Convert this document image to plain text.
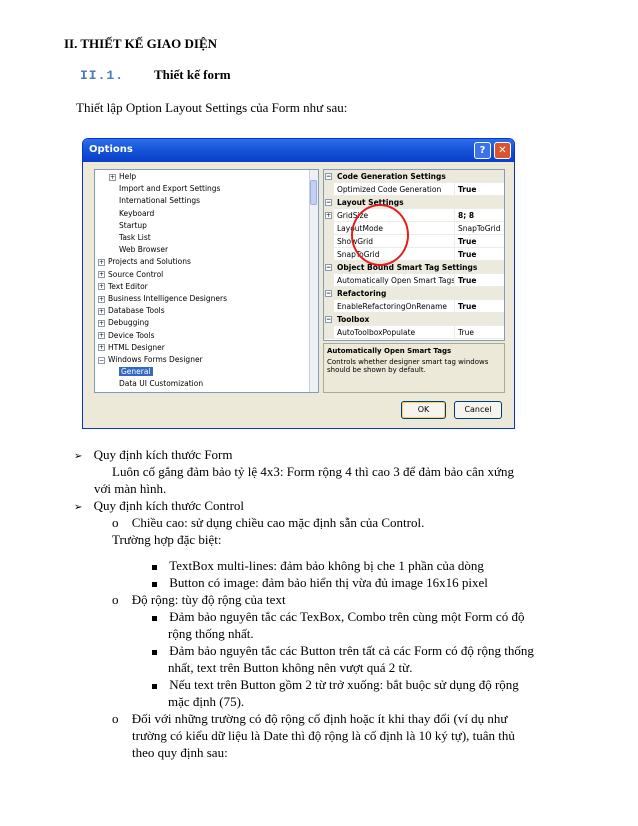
II. THIẾT KẾ GIAO DIỆN
II.1. Thiết kế form
Thiết lập Option Layout Settings của Form như sau:
Options	?	✕
+ Help
Import and Export Settings
International Settings
Keyboard
Startup
Task List
Web Browser
+ Projects and Solutions
+ Source Control
+ Text Editor
+ Business Intelligence Designers
+ Database Tools
+ Debugging
+ Device Tools
+ HTML Designer
− Windows Forms Designer
General
Data UI Customization
− Code Generation Settings
Optimized Code Generation	True
− Layout Settings
+ GridSize	8; 8
LayoutMode	SnapToGrid
ShowGrid	True
SnapToGrid	True
− Object Bound Smart Tag Settings
Automatically Open Smart Tags True
− Refactoring
EnableRefactoringOnRename	True
− Toolbox
AutoToolboxPopulate	True
Automatically Open Smart Tags
Controls whether designer smart tag windows should be shown by default.
OK	Cancel
➢ Quy định kích thước Form
Luôn cố gắng đảm bảo tỷ lệ 4x3: Form rộng 4 thì cao 3 để đảm bảo cân xứng
với màn hình.
➢ Quy định kích thước Control
o Chiều cao: sử dụng chiều cao mặc định sẵn của Control.
Trường hợp đặc biệt:
TextBox multi-lines: đảm bảo không bị che 1 phần của dòng
Button có image: đảm bảo hiển thị vừa đủ image 16x16 pixel
o Độ rộng: tùy độ rộng của text
Đảm bảo nguyên tắc các TexBox, Combo trên cùng một Form có độ
rộng thống nhất.
Đảm bảo nguyên tắc các Button trên tất cả các Form có độ rộng thống
nhất, text trên Button không nên vượt quá 2 từ.
Nếu text trên Button gồm 2 từ trở xuống: bắt buộc sử dụng độ rộng
mặc định (75).
o Đối với những trường có độ rộng cố định hoặc ít khi thay đổi (ví dụ như
trường có kiểu dữ liệu là Date thì độ rộng là cố định là 10 ký tự), tuân thủ
theo quy định sau:
